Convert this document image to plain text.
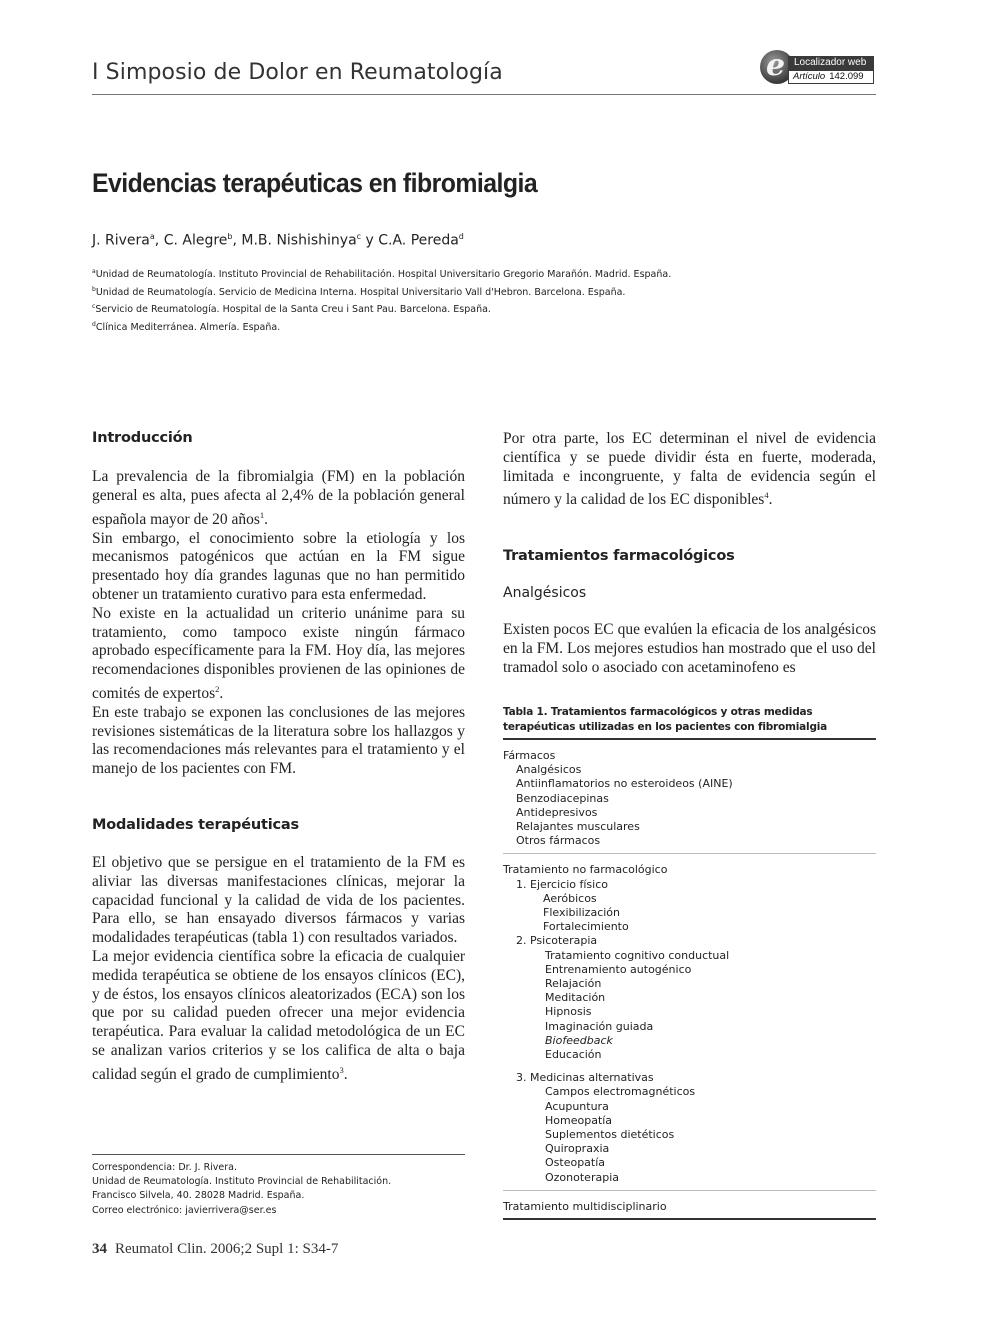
I Simposio de Dolor en Reumatología	e Localizador web
Artículo 142.099
Evidencias terapéuticas en fibromialgia
J. Rivera$^a$, C. Alegre$^b$, M.B. Nishishinya$^c$ y C.A. Pereda$^d$
$^a$Unidad de Reumatología. Instituto Provincial de Rehabilitación. Hospital Universitario Gregorio Marañón. Madrid. España.
$^b$Unidad de Reumatología. Servicio de Medicina Interna. Hospital Universitario Vall d'Hebron. Barcelona. España.
$^c$Servicio de Reumatología. Hospital de la Santa Creu i Sant Pau. Barcelona. España.
$^d$Clínica Mediterránea. Almería. España.
Introducción

La prevalencia de la fibromialgia (FM) en la población general es alta, pues afecta al 2,4% de la población general española mayor de 20 años$^1$.

Sin embargo, el conocimiento sobre la etiología y los mecanismos patogénicos que actúan en la FM sigue presentado hoy día grandes lagunas que no han permitido obtener un tratamiento curativo para esta enfermedad.

No existe en la actualidad un criterio unánime para su tratamiento, como tampoco existe ningún fármaco aprobado específicamente para la FM. Hoy día, las mejores recomendaciones disponibles provienen de las opiniones de comités de expertos$^2$.

En este trabajo se exponen las conclusiones de las mejores revisiones sistemáticas de la literatura sobre los hallazgos y las recomendaciones más relevantes para el tratamiento y el manejo de los pacientes con FM.

Modalidades terapéuticas

El objetivo que se persigue en el tratamiento de la FM es aliviar las diversas manifestaciones clínicas, mejorar la capacidad funcional y la calidad de vida de los pacientes. Para ello, se han ensayado diversos fármacos y varias modalidades terapéuticas (tabla 1) con resultados variados.

La mejor evidencia científica sobre la eficacia de cualquier medida terapéutica se obtiene de los ensayos clínicos (EC), y de éstos, los ensayos clínicos aleatorizados (ECA) son los que por su calidad pueden ofrecer una mejor evidencia terapéutica. Para evaluar la calidad metodológica de un EC se analizan varios criterios y se los califica de alta o baja calidad según el grado de cumplimiento$^3$.

Por otra parte, los EC determinan el nivel de evidencia científica y se puede dividir ésta en fuerte, moderada, limitada e incongruente, y falta de evidencia según el número y la calidad de los EC disponibles$^4$.

Tratamientos farmacológicos
Analgésicos

Existen pocos EC que evalúen la eficacia de los analgésicos en la FM. Los mejores estudios han mostrado que el uso del tramadol solo o asociado con acetaminofeno es

Tabla 1. Tratamientos farmacológicos y otras medidas
terapéuticas utilizadas en los pacientes con fibromialgia
Fármacos
Analgésicos
Antiinflamatorios no esteroideos (AINE)
Benzodiacepinas
Antidepresivos
Relajantes musculares
Otros fármacos
Tratamiento no farmacológico
1. Ejercicio físico
Aeróbicos
Flexibilización
Fortalecimiento
2. Psicoterapia
Tratamiento cognitivo conductual
Entrenamiento autogénico
Relajación
Meditación
Hipnosis
Imaginación guiada
Biofeedback
Educación
3. Medicinas alternativas
Campos electromagnéticos
Acupuntura
Homeopatía
Suplementos dietéticos
Quiropraxia
Osteopatía
Ozonoterapia
Tratamiento multidisciplinario
Correspondencia: Dr. J. Rivera.
Unidad de Reumatología. Instituto Provincial de Rehabilitación.
Francisco Silvela, 40. 28028 Madrid. España.
Correo electrónico: javierrivera@ser.es
34 Reumatol Clin. 2006;2 Supl 1: S34-7
